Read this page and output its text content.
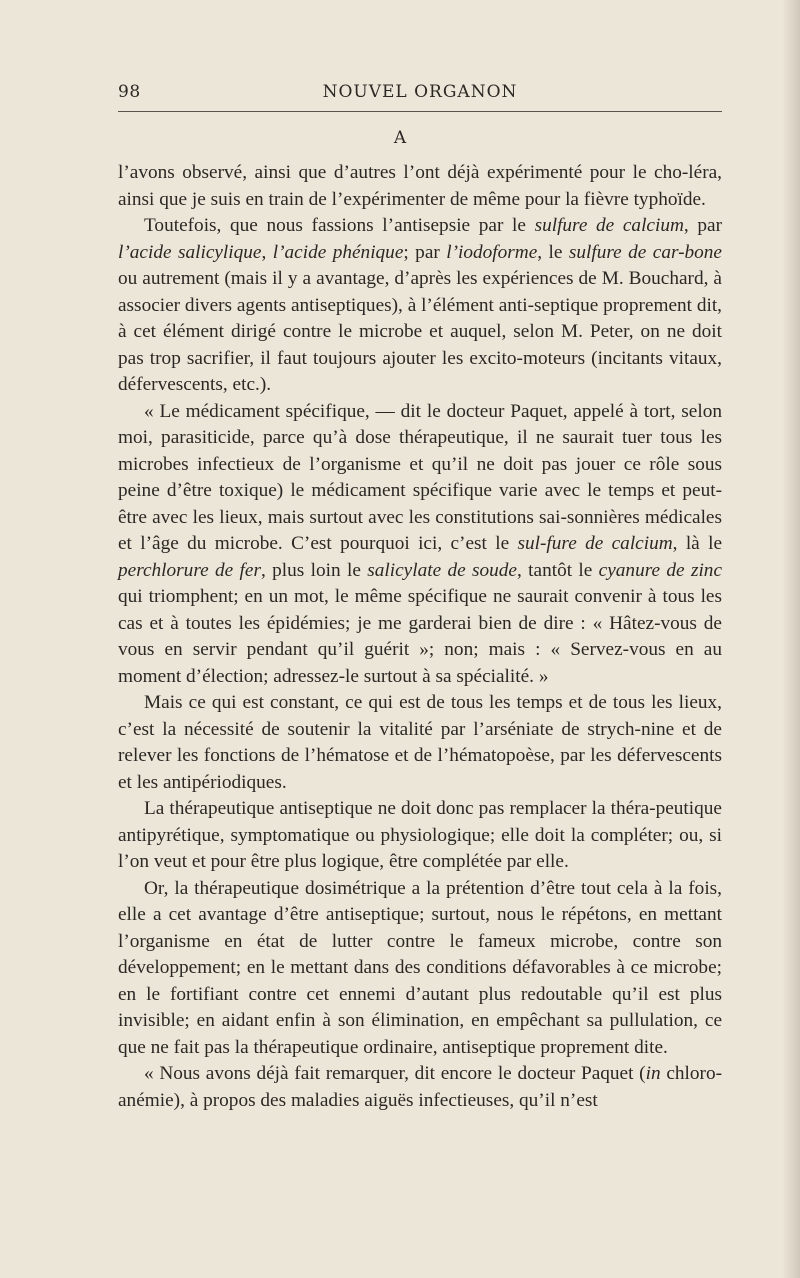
98	NOUVEL ORGANON
A

l’avons observé, ainsi que d’autres l’ont déjà expérimenté pour le cho-léra, ainsi que je suis en train de l’expérimenter de même pour la fièvre typhoïde.

Toutefois, que nous fassions l’antisepsie par le sulfure de calcium, par l’acide salicylique, l’acide phénique; par l’iodoforme, le sulfure de car-bone ou autrement (mais il y a avantage, d’après les expériences de M. Bouchard, à associer divers agents antiseptiques), à l’élément anti-septique proprement dit, à cet élément dirigé contre le microbe et auquel, selon M. Peter, on ne doit pas trop sacrifier, il faut toujours ajouter les excito-moteurs (incitants vitaux, défervescents, etc.).

« Le médicament spécifique, — dit le docteur Paquet, appelé à tort, selon moi, parasiticide, parce qu’à dose thérapeutique, il ne saurait tuer tous les microbes infectieux de l’organisme et qu’il ne doit pas jouer ce rôle sous peine d’être toxique) le médicament spécifique varie avec le temps et peut-être avec les lieux, mais surtout avec les constitutions sai-sonnières médicales et l’âge du microbe. C’est pourquoi ici, c’est le sul-fure de calcium, là le perchlorure de fer, plus loin le salicylate de soude, tantôt le cyanure de zinc qui triomphent; en un mot, le même spécifique ne saurait convenir à tous les cas et à toutes les épidémies; je me garderai bien de dire : « Hâtez-vous de vous en servir pendant qu’il guérit »; non; mais : « Servez-vous en au moment d’élection; adressez-le surtout à sa spécialité. »

Mais ce qui est constant, ce qui est de tous les temps et de tous les lieux, c’est la nécessité de soutenir la vitalité par l’arséniate de strych-nine et de relever les fonctions de l’hématose et de l’hématopoèse, par les défervescents et les antipériodiques.

La thérapeutique antiseptique ne doit donc pas remplacer la théra-peutique antipyrétique, symptomatique ou physiologique; elle doit la compléter; ou, si l’on veut et pour être plus logique, être complétée par elle.

Or, la thérapeutique dosimétrique a la prétention d’être tout cela à la fois, elle a cet avantage d’être antiseptique; surtout, nous le répétons, en mettant l’organisme en état de lutter contre le fameux microbe, contre son développement; en le mettant dans des conditions défavorables à ce microbe; en le fortifiant contre cet ennemi d’autant plus redoutable qu’il est plus invisible; en aidant enfin à son élimination, en empêchant sa pullulation, ce que ne fait pas la thérapeutique ordinaire, antiseptique proprement dite.

« Nous avons déjà fait remarquer, dit encore le docteur Paquet (in chloro-anémie), à propos des maladies aiguës infectieuses, qu’il n’est
